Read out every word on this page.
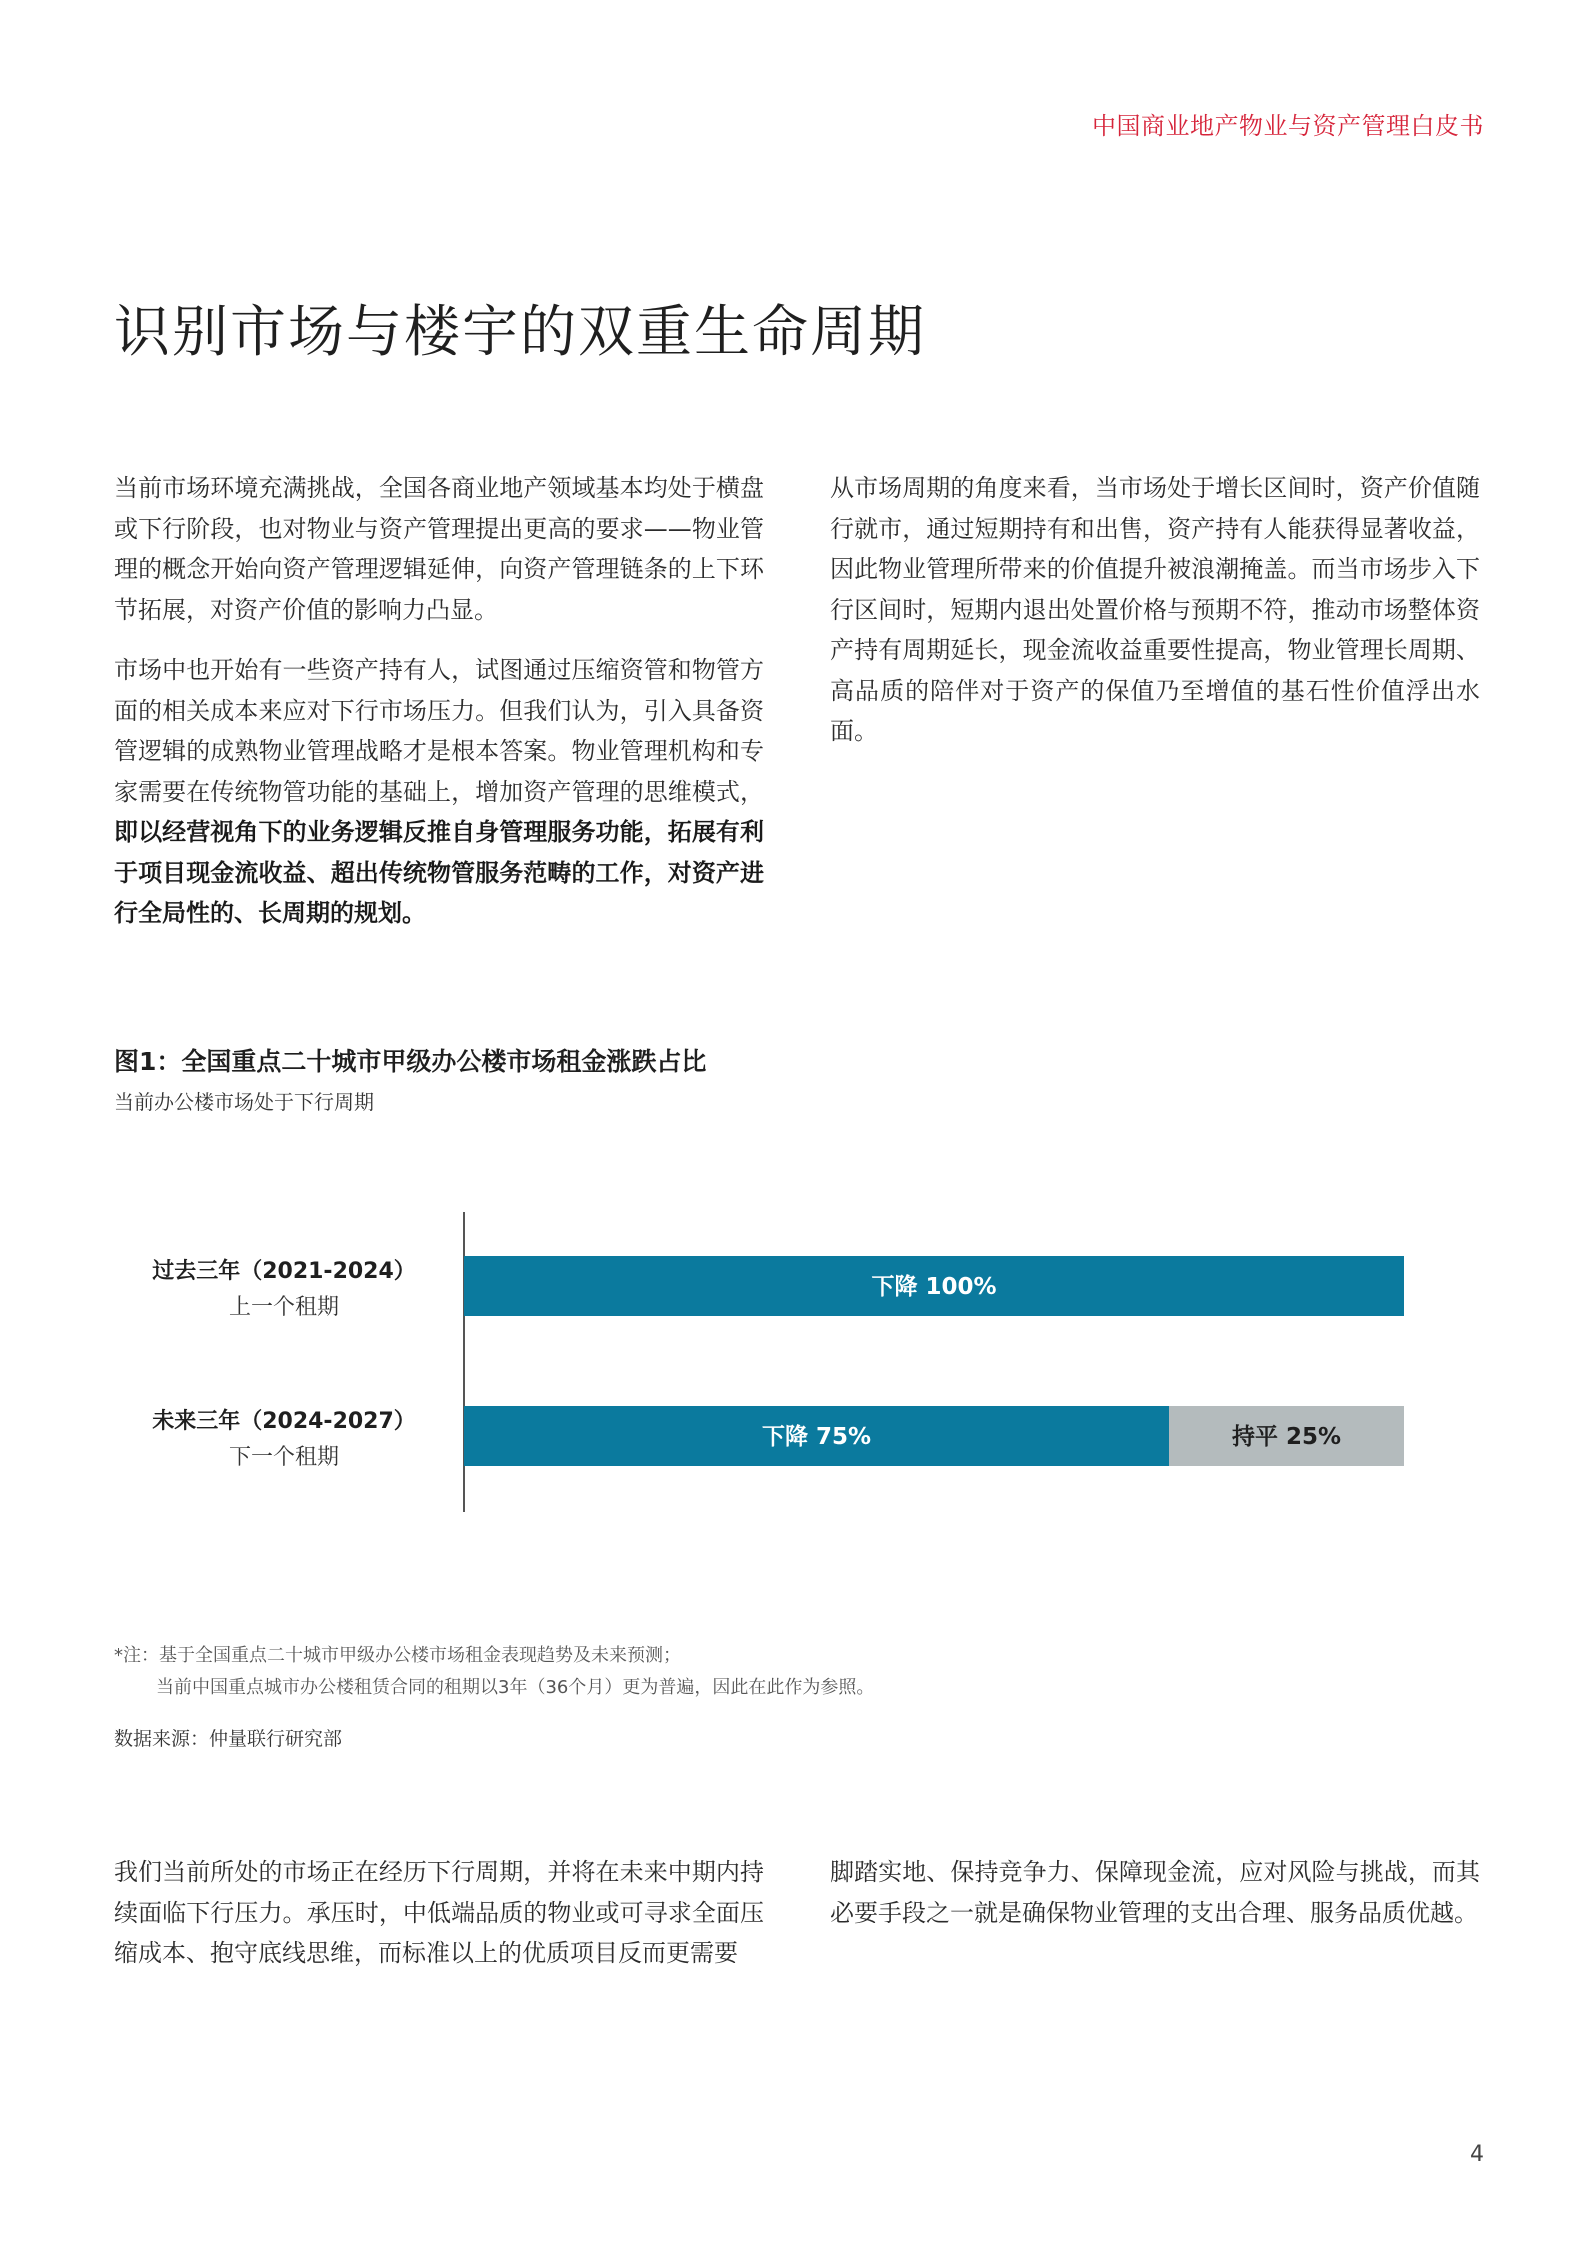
中国商业地产物业与资产管理白皮书
识别市场与楼宇的双重生命周期

当前市场环境充满挑战，全国各商业地产领域基本均处于横盘或下行阶段，也对物业与资产管理提出更高的要求——物业管理的概念开始向资产管理逻辑延伸，向资产管理链条的上下环节拓展，对资产价值的影响力凸显。

市场中也开始有一些资产持有人，试图通过压缩资管和物管方面的相关成本来应对下行市场压力。但我们认为，引入具备资管逻辑的成熟物业管理战略才是根本答案。物业管理机构和专家需要在传统物管功能的基础上，增加资产管理的思维模式，即以经营视角下的业务逻辑反推自身管理服务功能，拓展有利于项目现金流收益、超出传统物管服务范畴的工作，对资产进行全局性的、长周期的规划。

从市场周期的角度来看，当市场处于增长区间时，资产价值随行就市，通过短期持有和出售，资产持有人能获得显著收益，因此物业管理所带来的价值提升被浪潮掩盖。而当市场步入下行区间时，短期内退出处置价格与预期不符，推动市场整体资产持有周期延长，现金流收益重要性提高，物业管理长周期、高品质的陪伴对于资产的保值乃至增值的基石性价值浮出水面。

图1：全国重点二十城市甲级办公楼市场租金涨跌占比
当前办公楼市场处于下行周期
过去三年（2021-2024）
上一个租期
下降 100%
未来三年（2024-2027）
下一个租期
下降 75%	持平 25%
*注：基于全国重点二十城市甲级办公楼市场租金表现趋势及未来预测；
当前中国重点城市办公楼租赁合同的租期以3年（36个月）更为普遍，因此在此作为参照。
数据来源：仲量联行研究部

我们当前所处的市场正在经历下行周期，并将在未来中期内持续面临下行压力。承压时，中低端品质的物业或可寻求全面压缩成本、抱守底线思维，而标准以上的优质项目反而更需要

脚踏实地、保持竞争力、保障现金流，应对风险与挑战，而其必要手段之一就是确保物业管理的支出合理、服务品质优越。

4
